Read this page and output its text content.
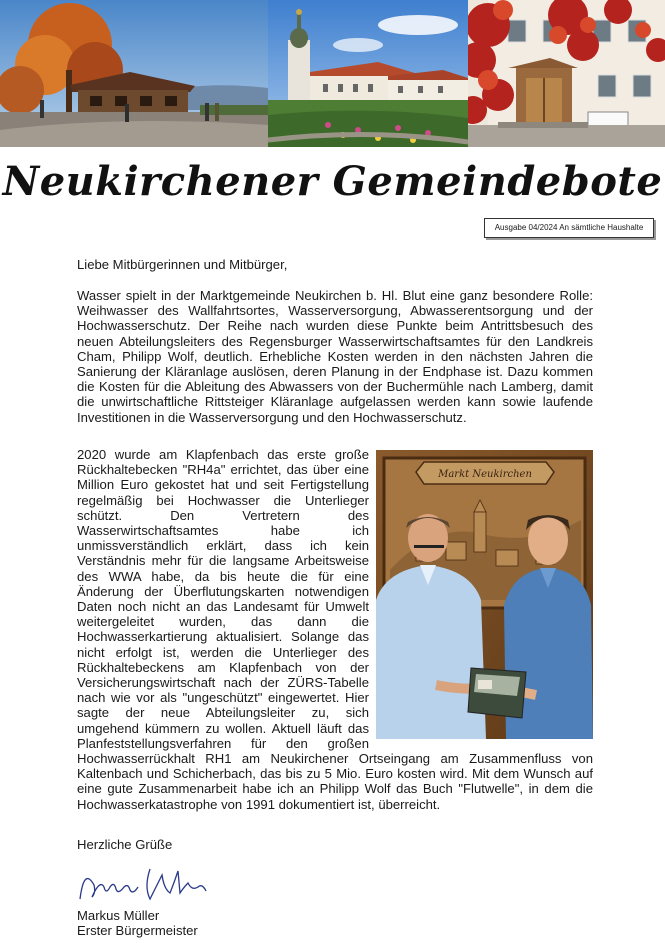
Neukirchener Gemeindebote
Ausgabe 04/2024 An sämtliche Haushalte
Liebe Mitbürgerinnen und Mitbürger,
Wasser spielt in der Marktgemeinde Neukirchen b. Hl. Blut eine ganz besondere Rolle: Weihwasser des Wallfahrtsortes, Wasserversorgung, Abwasserentsorgung und der Hochwasserschutz. Der Reihe nach wurden diese Punkte beim Antrittsbesuch des neuen Abteilungsleiters des Regensburger Wasserwirtschaftsamtes für den Landkreis Cham, Philipp Wolf, deutlich. Erhebliche Kosten werden in den nächsten Jahren die Sanierung der Kläranlage auslösen, deren Planung in der Endphase ist. Dazu kommen die Kosten für die Ableitung des Abwassers von der Buchermühle nach Lamberg, damit die unwirtschaftliche Rittsteiger Kläranlage aufgelassen werden kann sowie laufende Investitionen in die Wasserversorgung und den Hochwasserschutz.
Markt Neukirchen
2020 wurde am Klapfenbach das erste große Rückhaltebecken "RH4a" errichtet, das über eine Million Euro gekostet hat und seit Fertigstellung regelmäßig bei Hochwasser die Unterlieger schützt. Den Vertretern des Wasserwirtschaftsamtes habe ich unmissverständlich erklärt, dass ich kein Verständnis mehr für die langsame Arbeitsweise des WWA habe, da bis heute die für eine Änderung der Überflutungskarten notwendigen Daten noch nicht an das Landesamt für Umwelt weitergeleitet wurden, das dann die Hochwasserkartierung aktualisiert. Solange das nicht erfolgt ist, werden die Unterlieger des Rückhaltebeckens am Klapfenbach von der Versicherungswirtschaft nach der ZÜRS-Tabelle nach wie vor als "ungeschützt" eingewertet. Hier sagte der neue Abteilungsleiter zu, sich umgehend kümmern zu wollen. Aktuell läuft das Planfeststellungsverfahren für den großen Hochwasserrückhalt RH1 am Neukirchener Ortseingang am Zusammenfluss von Kaltenbach und Schicherbach, das bis zu 5 Mio. Euro kosten wird. Mit dem Wunsch auf eine gute Zusammenarbeit habe ich an Philipp Wolf das Buch "Flutwelle", in dem die Hochwasserkatastrophe von 1991 dokumentiert ist, überreicht.
Herzliche Grüße
Markus Müller
Erster Bürgermeister
